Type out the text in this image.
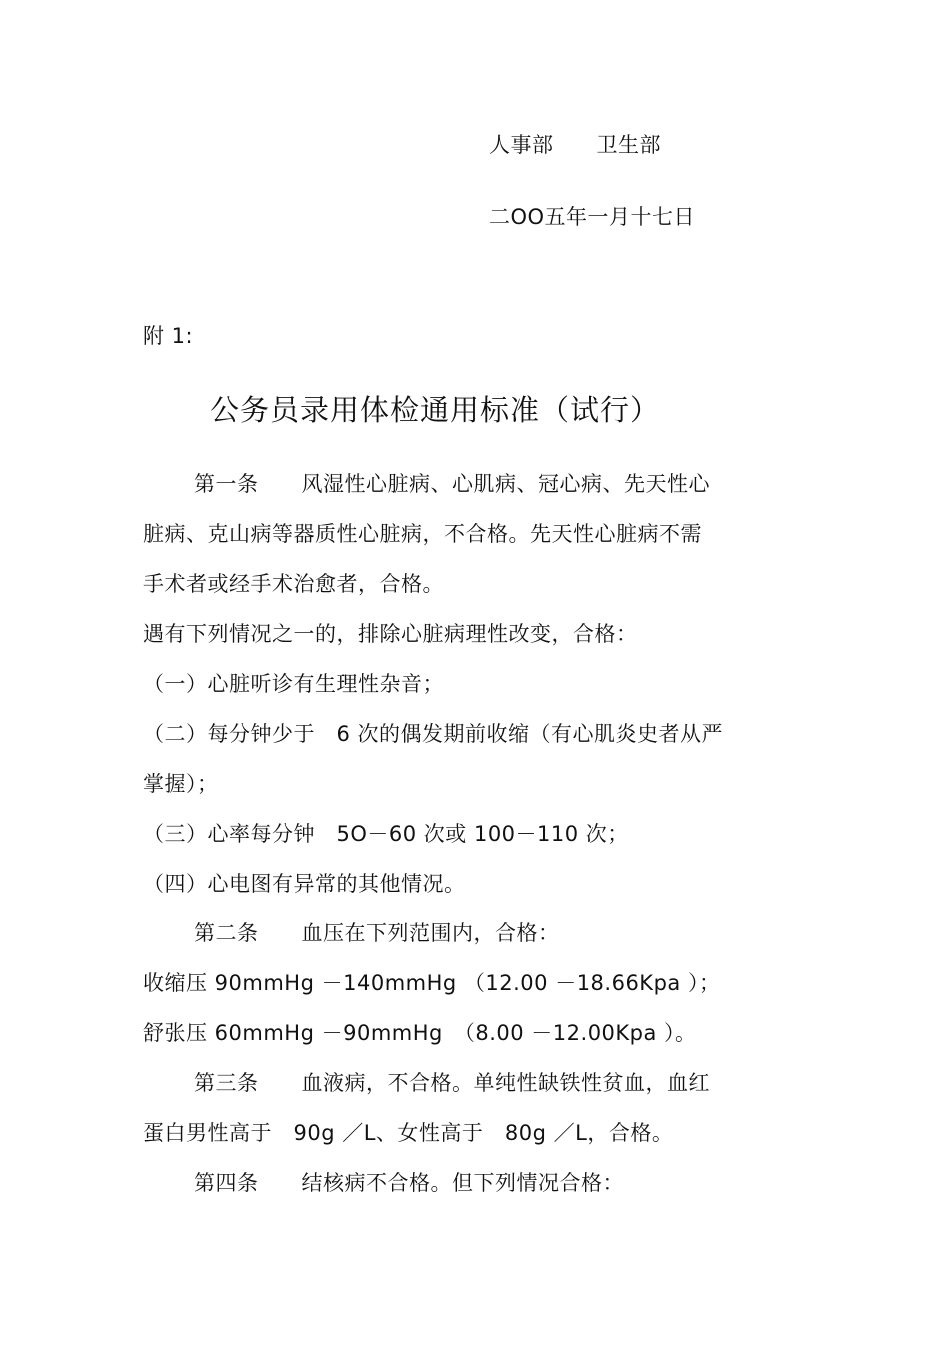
人事部　　卫生部
二OO五年一月十七日
附 1:
公务员录用体检通用标准（试行）
第一条　　风湿性心脏病、心肌病、冠心病、先天性心
脏病、克山病等器质性心脏病，不合格。先天性心脏病不需
手术者或经手术治愈者，合格。
遇有下列情况之一的，排除心脏病理性改变，合格：
（一）心脏听诊有生理性杂音；
（二）每分钟少于　6 次的偶发期前收缩（有心肌炎史者从严
掌握）；
（三）心率每分钟　5O－60 次或 100－110 次；
（四）心电图有异常的其他情况。
第二条　　血压在下列范围内，合格：
收缩压 90mmHg －140mmHg （12.00 －18.66Kpa ）；
舒张压 60mmHg －90mmHg　（8.00 －12.00Kpa ）。
第三条　　血液病，不合格。单纯性缺铁性贫血，血红
蛋白男性高于　90g ／L、女性高于　80g ／L，合格。
第四条　　结核病不合格。但下列情况合格：
